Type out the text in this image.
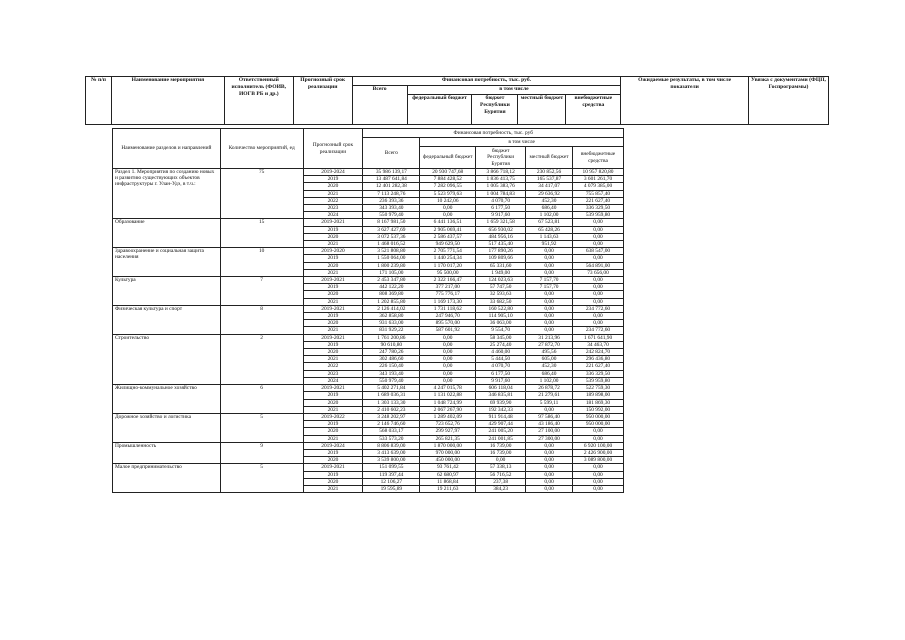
№ п/п	Наименование мероприятия	Ответственный исполнитель (ФОИВ, ИОГВ РБ и др.)	Прогнозный срок реализации	Финансовая потребность, тыс. руб.					Ожидаемые результаты, в том числе показатели	Увязка с документами (ФЦП, Госпрограммы)
				Всего	в том числе					
					федеральный бюджет	бюджет Республики Бурятия	местный бюджет	внебюджетные средства		
Наименование разделов и направлений	Количество мероприятий, ед	Прогнозный срок реализации	Финансовая потребность, тыс. руб				
			Всего	в том числе			
				федеральный бюджет	бюджет Республики Бурятия	местный бюджет	внебюджетные средства
Раздел 1. Мероприятия по созданию новых и развитию существующих объектов инфраструктуры г. Улан-Удэ, в т.ч.:	75	2019-2024	35 986 139,17	20 930 747,68	3 866 718,12	230 852,56	10 957 820,80
		2019	13 487 641,84	7 884 428,52	1 836 413,75	165 537,87	3 601 261,70
		2020	12 401 282,38	7 282 096,55	1 005 383,76	34 417,07	4 079 385,00
		2021	7 113 248,76	5 523 979,63	1 004 784,83	29 636,92	755 857,40
		2022	236 393,36	10 242,06	4 070,70	452,30	221 627,40
		2023	343 393,40	0,00	6 177,50	686,40	336 329,50
		2024	550 979,40	0,00	9 917,60	1 102,00	539 959,80
Образование	15	2019-2021	8 167 981,50	6 441 136,51	1 659 321,58	67 523,81	0,00
		2019	3 627 427,69	2 905 069,41	656 930,02	65 428,26	0,00
		2020	3 072 537,36	2 586 437,57	484 956,16	1 143,63	0,00
		2021	1 468 016,52	949 629,50	517 435,40	951,92	0,00
Здравоохранение и социальная защита населения	10	2019-2020	3 521 808,80	2 705 771,54	177 890,26	0,00	638 547,00
		2019	1 550 064,00	1 440 254,34	109 809,66	0,00	0,00
		2020	1 800 239,80	1 170 017,20	65 331,60	0,00	564 891,00
		2021	171 105,00	95 500,00	1 949,00	0,00	73 656,00
Культура	7	2019-2021	2 453 347,80	2 322 166,47	124 023,63	7 157,70	0,00
		2019	442 122,20	377 217,00	57 747,50	7 157,70	0,00
		2020	808 369,80	775 776,17	32 593,63	0,00	0,00
		2021	1 202 855,80	1 169 173,30	33 682,50	0,00	0,00
Физическая культура и спорт	8	2019-2021	2 126 414,02	1 731 118,62	160 522,80	0,00	234 772,60
		2019	362 858,80	247 946,70	114 905,10	0,00	0,00
		2020	931 633,00	895 570,00	36 063,00	0,00	0,00
		2021	831 929,22	587 601,92	9 554,70	0,00	234 772,60
Строительство	2	2019-2021	1 761 200,86	0,00	58 345,00	31 213,96	1 671 641,90
		2019	90 610,80	0,00	25 274,40	27 872,70	34 463,70
		2020	247 780,26	0,00	4 460,00	495,56	242 824,70
		2021	302 486,60	0,00	5 444,50	605,00	296 436,80
		2022	226 150,40	0,00	4 070,70	452,30	221 627,40
		2023	343 193,40	0,00	6 177,50	686,40	336 329,50
		2024	550 979,40	0,00	9 917,60	1 102,00	539 959,80
Жилищно-коммунальное хозяйство	6	2019-2021	5 402 271,84	4 247 015,78	606 118,04	26 878,72	522 759,30
		2019	1 689 036,31	1 131 022,88	346 835,81	21 279,61	189 898,00
		2020	1 303 133,30	1 048 724,99	69 939,90	5 599,11	181 869,30
		2021	2 410 602,23	2 067 267,90	192 342,33	0,00	150 992,00
Дорожное хозяйство и логистика	5	2019-2022	3 248 202,97	1 289 402,09	911 914,48	97 586,40	950 000,00
		2019	2 146 746,60	723 652,76	429 907,44	43 186,40	950 000,00
		2020	568 033,17	299 927,97	241 005,20	27 100,00	0,00
		2021	533 573,20	265 821,35	241 001,85	27 300,00	0,00
Промышленность	9	2019-2024	8 806 839,00	1 870 000,00	16 739,00	0,00	6 920 100,00
		2019	3 413 639,00	970 000,00	16 739,00	0,00	2 426 900,00
		2020	3 539 800,00	450 000,00	0,00	0,00	3 089 800,00
Малое предпринимательство	5	2019-2021	151 099,55	93 761,42	57 338,13	0,00	0,00
		2019	119 397,44	62 680,97	56 716,52	0,00	0,00
		2020	12 106,27	11 868,84	237,38	0,00	0,00
		2021	19 595,89	19 211,63	384,23	0,00	0,00
